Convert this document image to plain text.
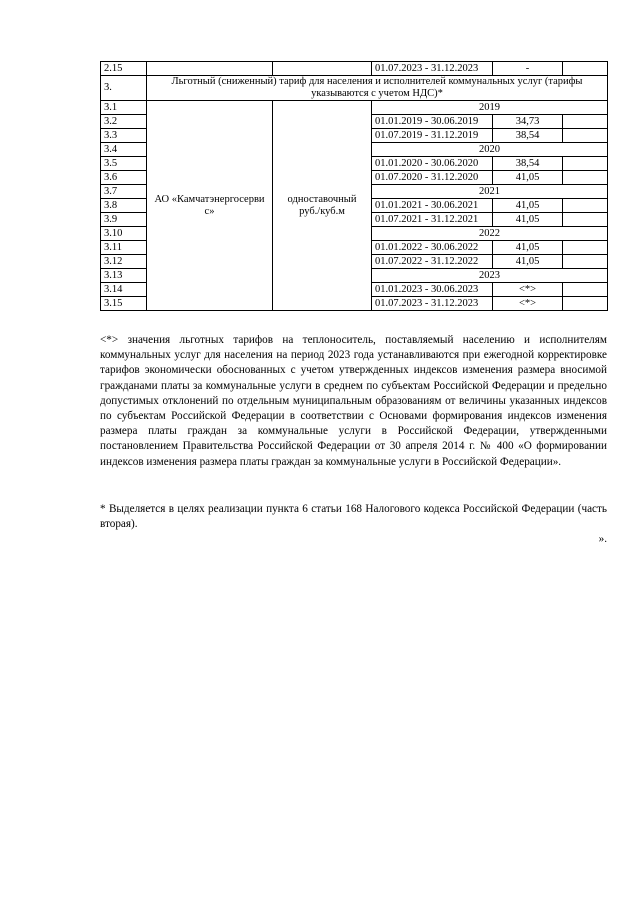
2.15			01.07.2023 - 31.12.2023	-	
3.	Льготный (сниженный) тариф для населения и исполнителей коммунальных услуг (тарифы указываются с учетом НДС)*				
3.1	АО «Камчатэнергосерви с»	одноставочный руб./куб.м	2019		
3.2			01.01.2019 - 30.06.2019	34,73	
3.3			01.07.2019 - 31.12.2019	38,54	
3.4			2020		
3.5			01.01.2020 - 30.06.2020	38,54	
3.6			01.07.2020 - 31.12.2020	41,05	
3.7			2021		
3.8			01.01.2021 - 30.06.2021	41,05	
3.9			01.07.2021 - 31.12.2021	41,05	
3.10			2022		
3.11			01.01.2022 - 30.06.2022	41,05	
3.12			01.07.2022 - 31.12.2022	41,05	
3.13			2023		
3.14			01.01.2023 - 30.06.2023	<*>	
3.15			01.07.2023 - 31.12.2023	<*>	

<*> значения льготных тарифов на теплоноситель, поставляемый населению и исполнителям коммунальных услуг для населения на период 2023 года устанавливаются при ежегодной корректировке тарифов экономически обоснованных с учетом утвержденных индексов изменения размера вносимой гражданами платы за коммунальные услуги в среднем по субъектам Российской Федерации и предельно допустимых отклонений по отдельным муниципальным образованиям от величины указанных индексов по субъектам Российской Федерации в соответствии с Основами формирования индексов изменения размера платы граждан за коммунальные услуги в Российской Федерации, утвержденными постановлением Правительства Российской Федерации от 30 апреля 2014 г. № 400 «О формировании индексов изменения размера платы граждан за коммунальные услуги в Российской Федерации».

* Выделяется в целях реализации пункта 6 статьи 168 Налогового кодекса Российской Федерации (часть вторая).

».
